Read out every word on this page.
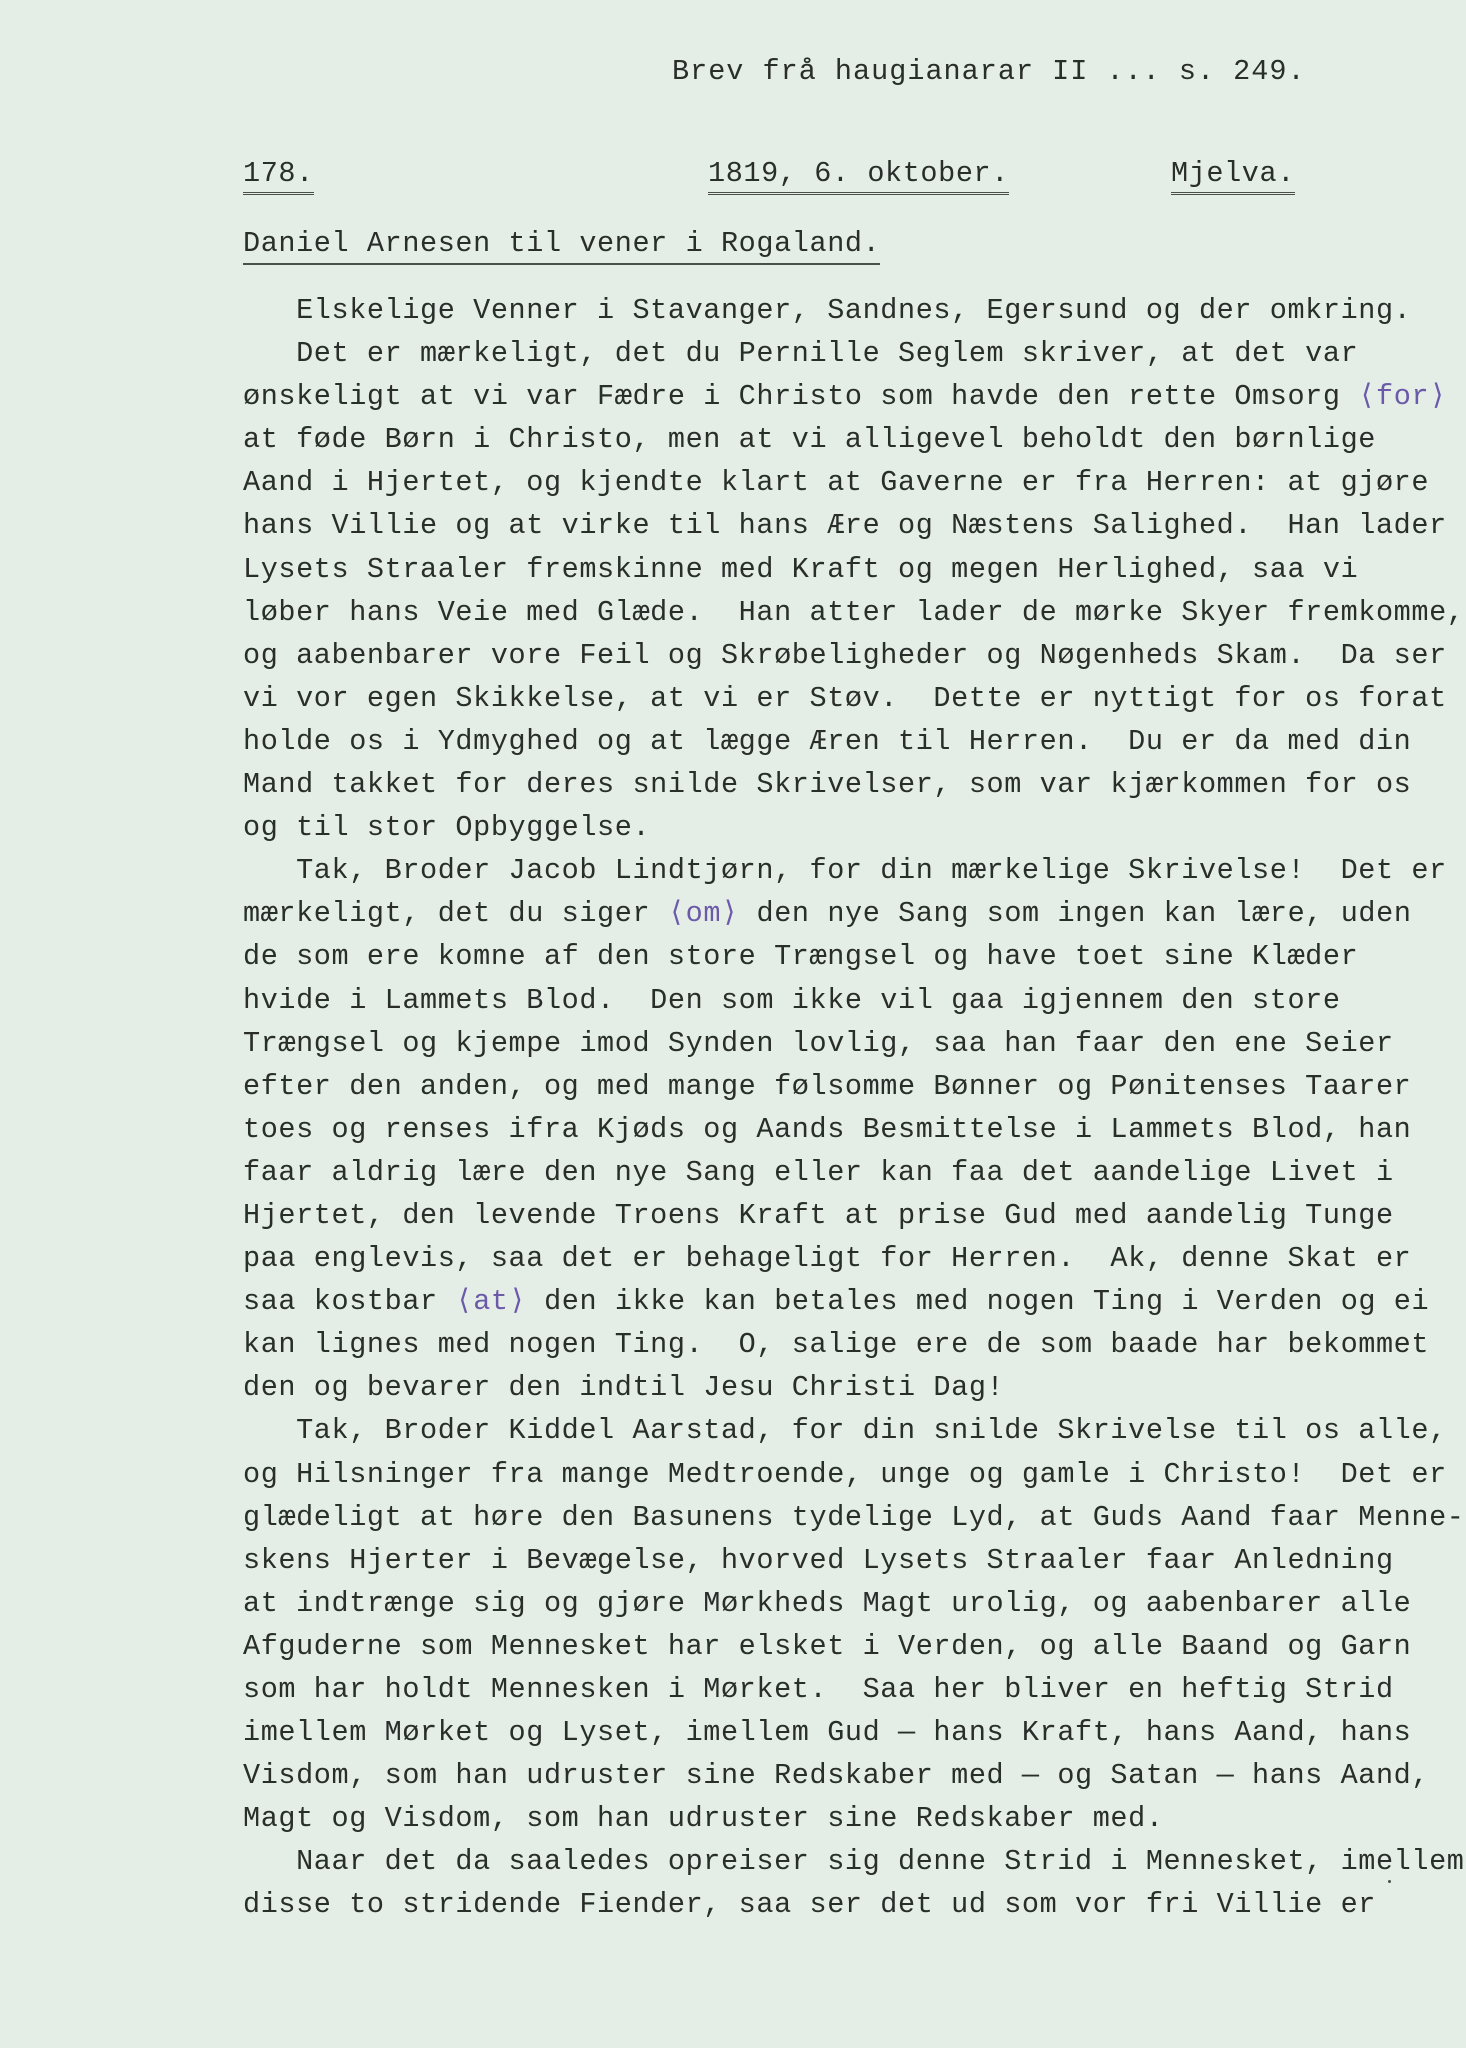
Brev frå haugianarar II ... s. 249.
178.	1819, 6. oktober.	Mjelva.
Daniel Arnesen til vener i Rogaland.

Elskelige Venner i Stavanger, Sandnes, Egersund og der omkring.

Det er mærkeligt, det du Pernille Seglem skriver, at det var

ønskeligt at vi var Fædre i Christo som havde den rette Omsorg ⟨for⟩

at føde Børn i Christo, men at vi alligevel beholdt den børnlige

Aand i Hjertet, og kjendte klart at Gaverne er fra Herren: at gjøre

hans Villie og at virke til hans Ære og Næstens Salighed.  Han lader

Lysets Straaler fremskinne med Kraft og megen Herlighed, saa vi

løber hans Veie med Glæde.  Han atter lader de mørke Skyer fremkomme,

og aabenbarer vore Feil og Skrøbeligheder og Nøgenheds Skam.  Da ser

vi vor egen Skikkelse, at vi er Støv.  Dette er nyttigt for os forat

holde os i Ydmyghed og at lægge Æren til Herren.  Du er da med din

Mand takket for deres snilde Skrivelser, som var kjærkommen for os

og til stor Opbyggelse.

Tak, Broder Jacob Lindtjørn, for din mærkelige Skrivelse!  Det er

mærkeligt, det du siger ⟨om⟩ den nye Sang som ingen kan lære, uden

de som ere komne af den store Trængsel og have toet sine Klæder

hvide i Lammets Blod.  Den som ikke vil gaa igjennem den store

Trængsel og kjempe imod Synden lovlig, saa han faar den ene Seier

efter den anden, og med mange følsomme Bønner og Pønitenses Taarer

toes og renses ifra Kjøds og Aands Besmittelse i Lammets Blod, han

faar aldrig lære den nye Sang eller kan faa det aandelige Livet i

Hjertet, den levende Troens Kraft at prise Gud med aandelig Tunge

paa englevis, saa det er behageligt for Herren.  Ak, denne Skat er

saa kostbar ⟨at⟩ den ikke kan betales med nogen Ting i Verden og ei

kan lignes med nogen Ting.  O, salige ere de som baade har bekommet

den og bevarer den indtil Jesu Christi Dag!

Tak, Broder Kiddel Aarstad, for din snilde Skrivelse til os alle,

og Hilsninger fra mange Medtroende, unge og gamle i Christo!  Det er

glædeligt at høre den Basunens tydelige Lyd, at Guds Aand faar Menne-

skens Hjerter i Bevægelse, hvorved Lysets Straaler faar Anledning

at indtrænge sig og gjøre Mørkheds Magt urolig, og aabenbarer alle

Afguderne som Mennesket har elsket i Verden, og alle Baand og Garn

som har holdt Mennesken i Mørket.  Saa her bliver en heftig Strid

imellem Mørket og Lyset, imellem Gud — hans Kraft, hans Aand, hans

Visdom, som han udruster sine Redskaber med — og Satan — hans Aand,

Magt og Visdom, som han udruster sine Redskaber med.

Naar det da saaledes opreiser sig denne Strid i Mennesket, imellem

disse to stridende Fiender, saa ser det ud som vor fri Villie er
